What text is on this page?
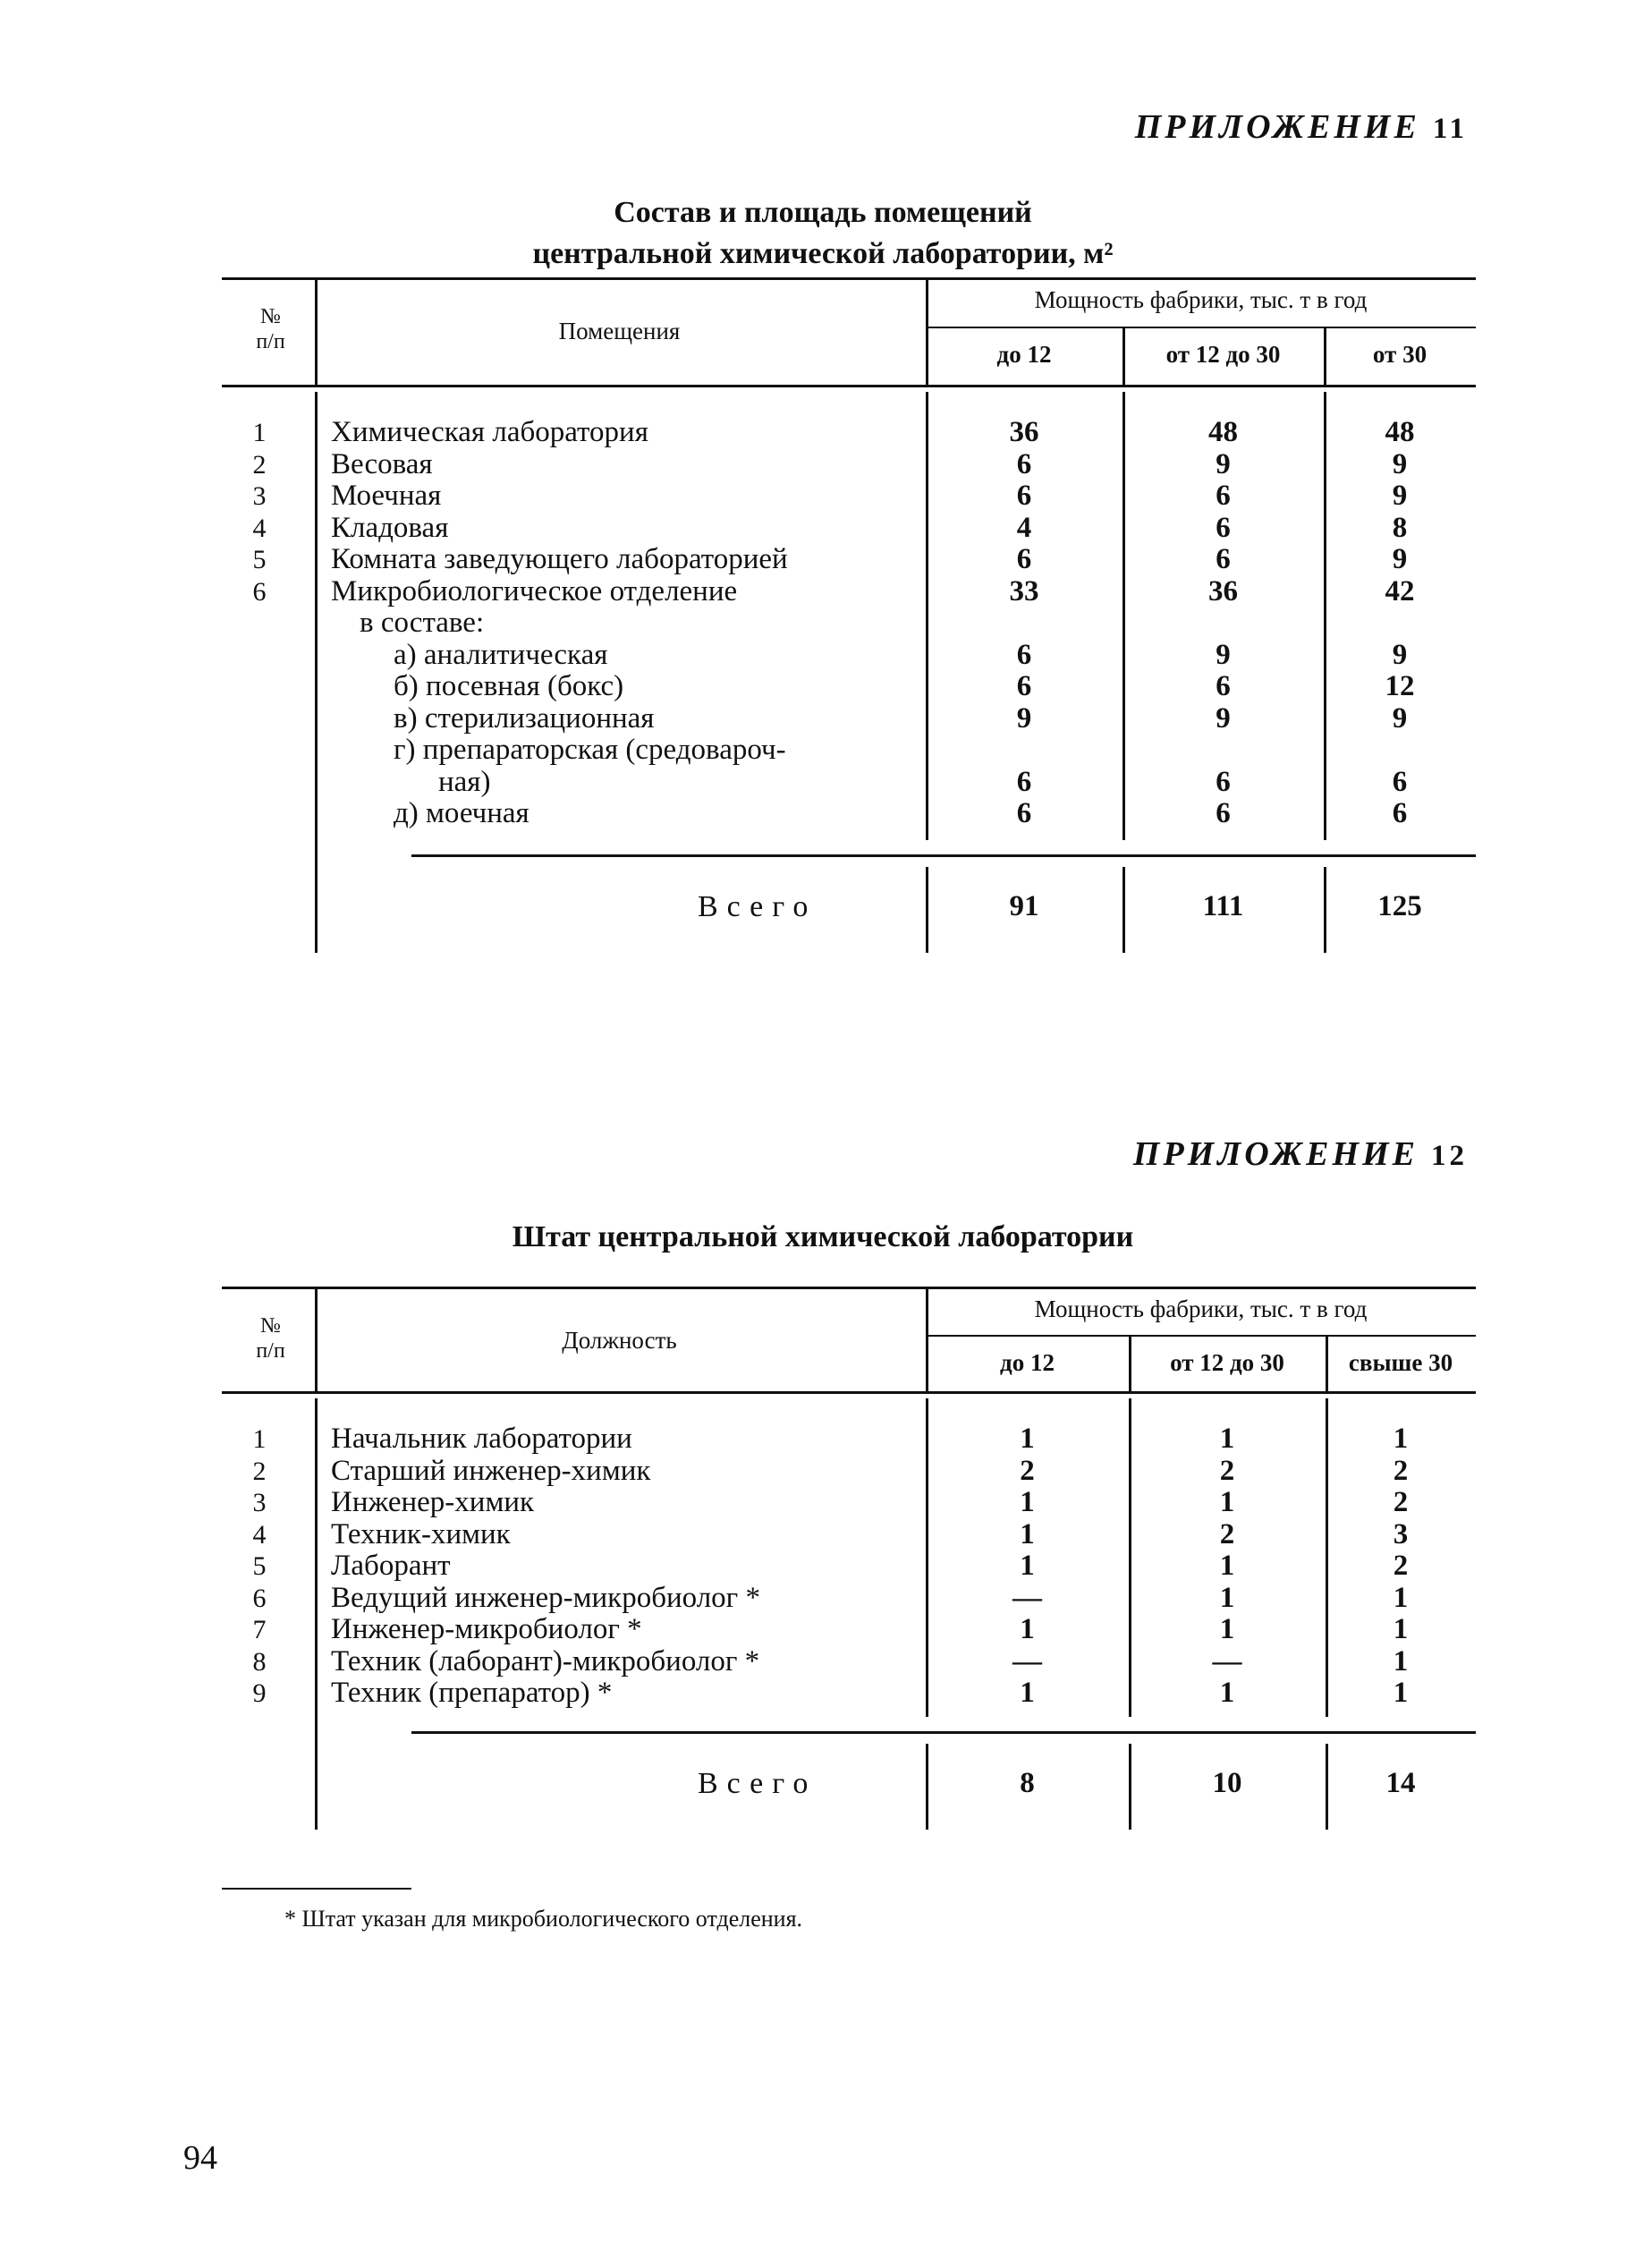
ПРИЛОЖЕНИЕ 11
Состав и площадь помещений
центральной химической лаборатории, м²
№
п/п	Помещения
Мощность фабрики, тыс. т в год
до 12	от 12 до 30	от 30
1	Химическая лаборатория	36	48	48
2	Весовая	6	9	9
3	Моечная	6	6	9
4	Кладовая	4	6	8
5	Комната заведующего лабораторией	6	6	9
6	Микробиологическое отделение	33	36	42
в составе:
а) аналитическая	6	9	9
б) посевная (бокс)	6	6	12
в) стерилизационная	9	9	9
г) препараторская (средовароч-
ная)	6	6	6
д) моечная	6	6	6
Всего	91	111	125
ПРИЛОЖЕНИЕ 12
Штат центральной химической лаборатории
№
п/п	Должность
Мощность фабрики, тыс. т в год
до 12	от 12 до 30	свыше 30
1	Начальник лаборатории	1	1	1
2	Старший инженер-химик	2	2	2
3	Инженер-химик	1	1	2
4	Техник-химик	1	2	3
5	Лаборант	1	1	2
6	Ведущий инженер-микробиолог *	—	1	1
7	Инженер-микробиолог *	1	1	1
8	Техник (лаборант)-микробиолог *	—	—	1
9	Техник (препаратор) *	1	1	1
Всего	8	10	14
* Штат указан для микробиологического отделения.
94
